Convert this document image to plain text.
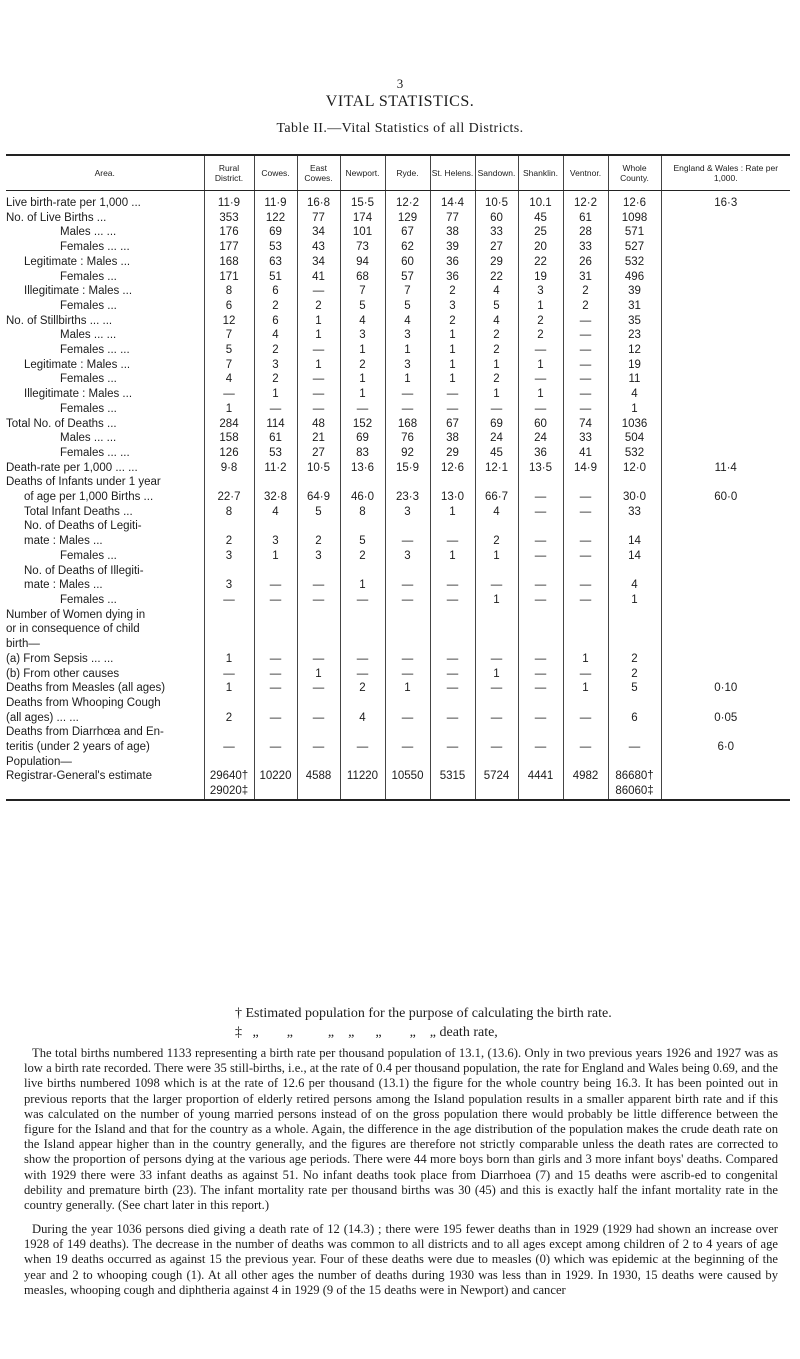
3
VITAL STATISTICS.
Table II.—Vital Statistics of all Districts.
Area.	Rural District.	Cowes.	East Cowes.	Newport.	Ryde.	St. Helens.	Sandown.	Shanklin.	Ventnor.	Whole County.	England & Wales : Rate per 1,000.
Live birth-rate per 1,000 ...	11·9	11·9	16·8	15·5	12·2	14·4	10·5	10.1	12·2	12·6	16·3
No. of Live Births ...	353	122	77	174	129	77	60	45	61	1098	
Males ... ...	176	69	34	101	67	38	33	25	28	571	
Females ... ...	177	53	43	73	62	39	27	20	33	527	
Legitimate : Males ...	168	63	34	94	60	36	29	22	26	532	
Females ...	171	51	41	68	57	36	22	19	31	496	
Illegitimate : Males ...	8	6	—	7	7	2	4	3	2	39	
Females ...	6	2	2	5	5	3	5	1	2	31	
No. of Stillbirths ... ...	12	6	1	4	4	2	4	2	—	35	
Males ... ...	7	4	1	3	3	1	2	2	—	23	
Females ... ...	5	2	—	1	1	1	2	—	—	12	
Legitimate : Males ...	7	3	1	2	3	1	1	1	—	19	
Females ...	4	2	—	1	1	1	2	—	—	11	
Illegitimate : Males ...	—	1	—	1	—	—	1	1	—	4	
Females ...	1	—	—	—	—	—	—	—	—	1	
Total No. of Deaths ...	284	114	48	152	168	67	69	60	74	1036	
Males ... ...	158	61	21	69	76	38	24	24	33	504	
Females ... ...	126	53	27	83	92	29	45	36	41	532	
Death-rate per 1,000 ... ...	9·8	11·2	10·5	13·6	15·9	12·6	12·1	13·5	14·9	12·0	11·4
Deaths of Infants under 1 year											
of age per 1,000 Births ...	22·7	32·8	64·9	46·0	23·3	13·0	66·7	—	—	30·0	60·0
Total Infant Deaths ...	8	4	5	8	3	1	4	—	—	33	
No. of Deaths of Legiti-											
mate : Males ...	2	3	2	5	—	—	2	—	—	14	
Females ...	3	1	3	2	3	1	1	—	—	14	
No. of Deaths of Illegiti-											
mate : Males ...	3	—	—	1	—	—	—	—	—	4	
Females ...	—	—	—	—	—	—	1	—	—	1	
Number of Women dying in											
or in consequence of child											
birth—											
(a) From Sepsis ... ...	1	—	—	—	—	—	—	—	1	2	
(b) From other causes	—	—	1	—	—	—	1	—	—	2	
Deaths from Measles (all ages)	1	—	—	2	1	—	—	—	1	5	0·10
Deaths from Whooping Cough											
(all ages) ... ...	2	—	—	4	—	—	—	—	—	6	0·05
Deaths from Diarrhœa and En-											
teritis (under 2 years of age)	—	—	—	—	—	—	—	—	—	—	6·0
Population—											
Registrar-General's estimate	29640†	10220	4588	11220	10550	5315	5724	4441	4982	86680†	
	29020‡									86060‡	
† Estimated population for the purpose of calculating the birth rate.
‡   „        „          „    „      „        „    „ death rate,
The total births numbered 1133 representing a birth rate per thousand population of 13.1, (13.6). Only in two previous years 1926 and 1927 was as low a birth rate recorded. There were 35 still-births, i.e., at the rate of 0.4 per thousand population, the rate for England and Wales being 0.69, and the live births numbered 1098 which is at the rate of 12.6 per thousand (13.1) the figure for the whole country being 16.3. It has been pointed out in previous reports that the larger proportion of elderly retired persons among the Island population results in a smaller apparent birth rate and if this was calculated on the number of young married persons instead of on the gross population there would probably be little difference between the figure for the Island and that for the country as a whole. Again, the difference in the age distribution of the population makes the crude death rate on the Island appear higher than in the country generally, and the figures are therefore not strictly comparable unless the death rates are corrected to show the proportion of persons dying at the various age periods. There were 44 more boys born than girls and 3 more infant boys' deaths. Compared with 1929 there were 33 infant deaths as against 51. No infant deaths took place from Diarrhoea (7) and 15 deaths were ascrib-ed to congenital debility and premature birth (23). The infant mortality rate per thousand births was 30 (45) and this is exactly half the infant mortality rate in the country generally. (See chart later in this report.)
During the year 1036 persons died giving a death rate of 12 (14.3) ; there were 195 fewer deaths than in 1929 (1929 had shown an increase over 1928 of 149 deaths). The decrease in the number of deaths was common to all districts and to all ages except among children of 2 to 4 years of age when 19 deaths occurred as against 15 the previous year. Four of these deaths were due to measles (0) which was epidemic at the beginning of the year and 2 to whooping cough (1). At all other ages the number of deaths during 1930 was less than in 1929. In 1930, 15 deaths were caused by measles, whooping cough and diphtheria against 4 in 1929 (9 of the 15 deaths were in Newport) and cancer
